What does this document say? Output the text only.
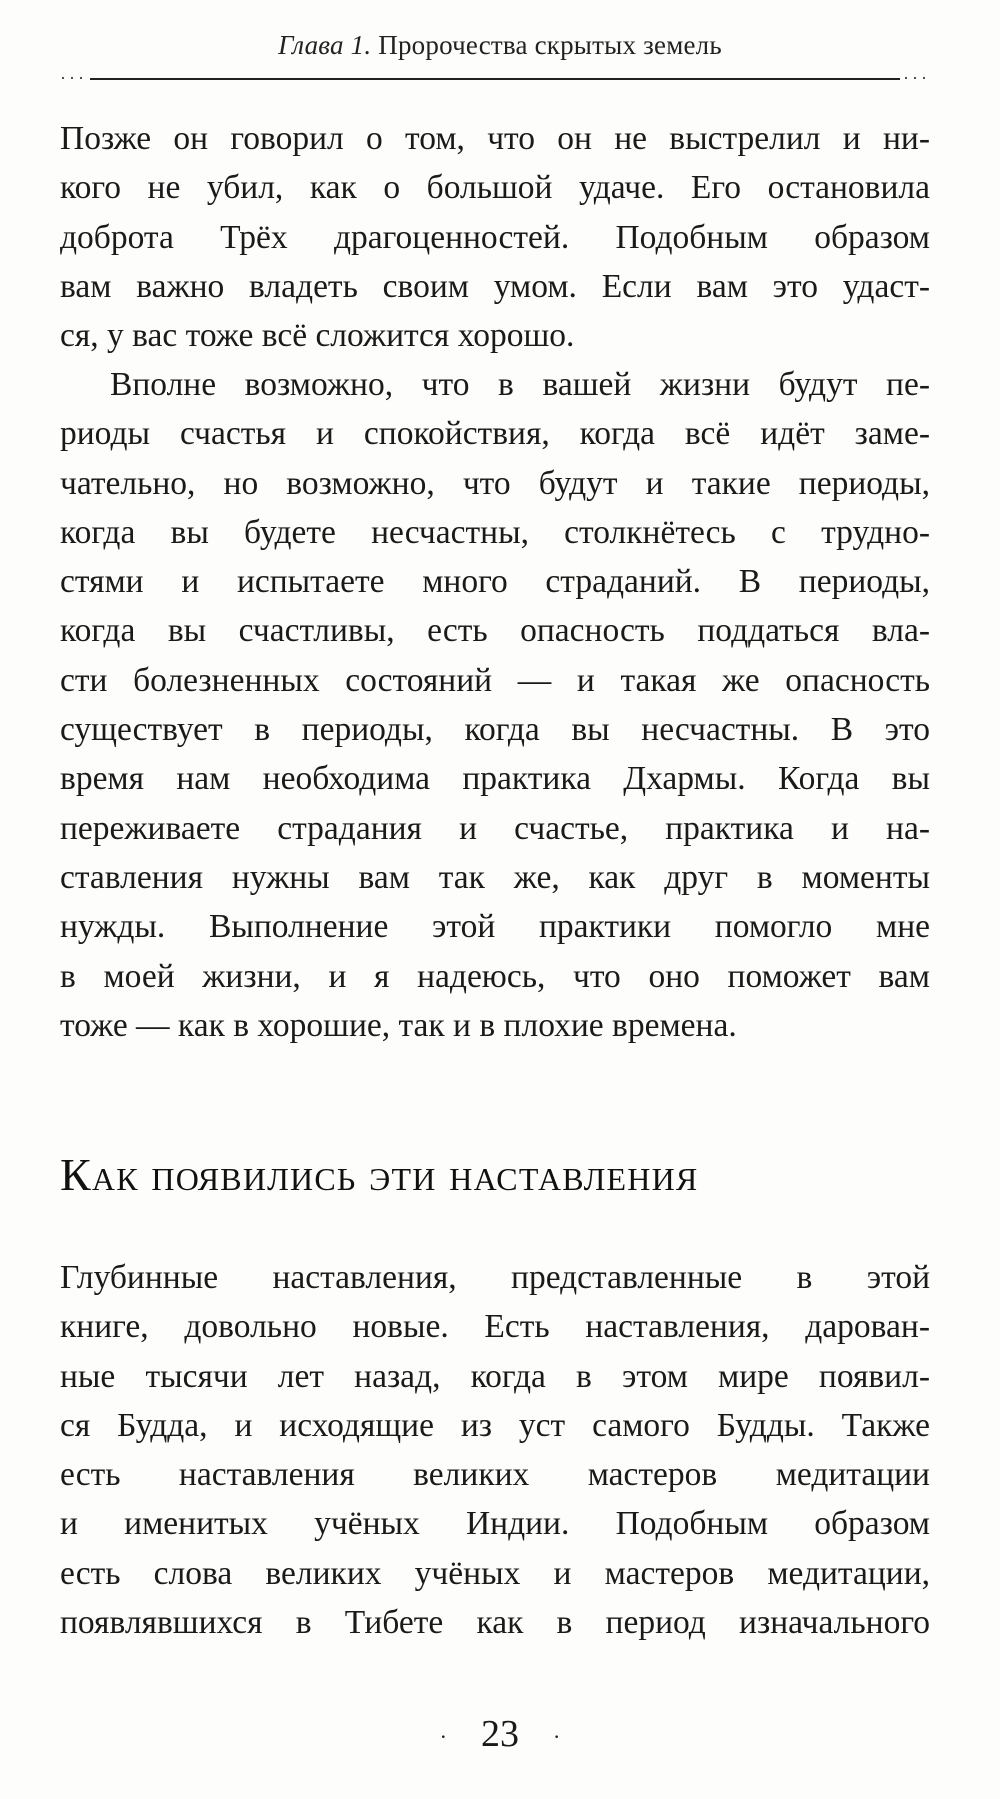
Глава 1. Пророчества скрытых земель
···	···

Позже он говорил о том, что он не выстрелил и ни-
кого не убил, как о большой удаче. Его остановила
доброта Трёх драгоценностей. Подобным образом
вам важно владеть своим умом. Если вам это удаст-
ся, у вас тоже всё сложится хорошо.

Вполне возможно, что в вашей жизни будут пе-
риоды счастья и спокойствия, когда всё идёт заме-
чательно, но возможно, что будут и такие периоды,
когда вы будете несчастны, столкнётесь с трудно-
стями и испытаете много страданий. В периоды,
когда вы счастливы, есть опасность поддаться вла-
сти болезненных состояний — и такая же опасность
существует в периоды, когда вы несчастны. В это
время нам необходима практика Дхармы. Когда вы
переживаете страдания и счастье, практика и на-
ставления нужны вам так же, как друг в моменты
нужды. Выполнение этой практики помогло мне
в моей жизни, и я надеюсь, что оно поможет вам
тоже — как в хорошие, так и в плохие времена.

Как появились эти наставления

Глубинные наставления, представленные в этой
книге, довольно новые. Есть наставления, дарован-
ные тысячи лет назад, когда в этом мире появил-
ся Будда, и исходящие из уст самого Будды. Также
есть наставления великих мастеров медитации
и именитых учёных Индии. Подобным образом
есть слова великих учёных и мастеров медитации,
появлявшихся в Тибете как в период изначального

· 23 ·
